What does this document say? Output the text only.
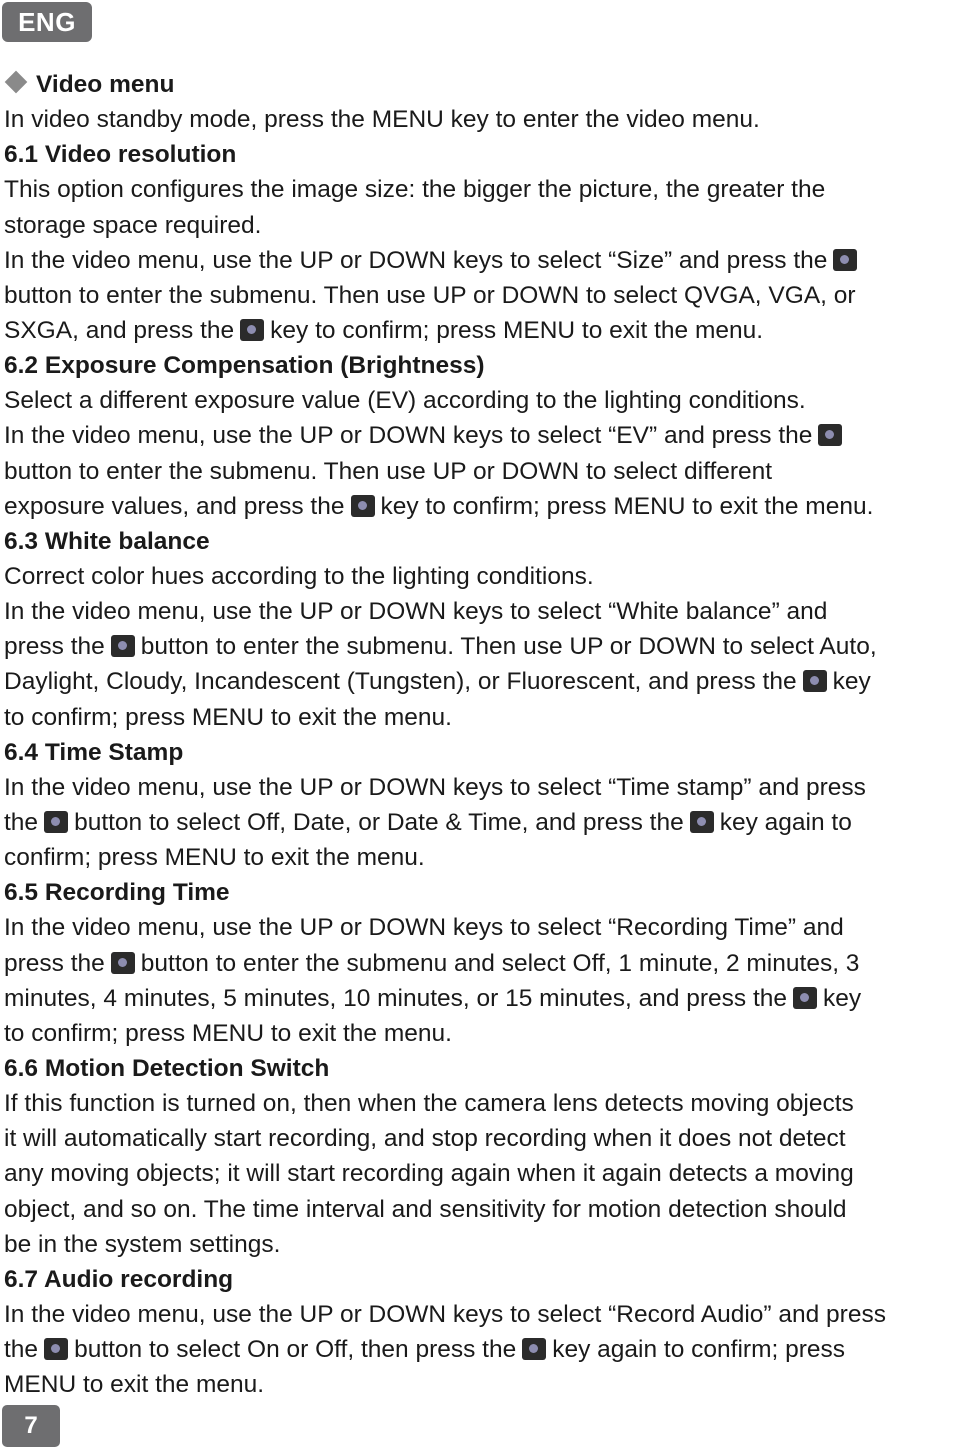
ENG
Video menu
In video standby mode, press the MENU key to enter the video menu.
6.1 Video resolution
This option configures the image size: the bigger the picture, the greater the
storage space required.
In the video menu, use the UP or DOWN keys to select “Size” and press the
button to enter the submenu. Then use UP or DOWN to select QVGA, VGA, or
SXGA, and press the key to confirm; press MENU to exit the menu.
6.2 Exposure Compensation (Brightness)
Select a different exposure value (EV) according to the lighting conditions.
In the video menu, use the UP or DOWN keys to select “EV” and press the
button to enter the submenu. Then use UP or DOWN to select different
exposure values, and press the key to confirm; press MENU to exit the menu.
6.3 White balance
Correct color hues according to the lighting conditions.
In the video menu, use the UP or DOWN keys to select “White balance” and
press the button to enter the submenu. Then use UP or DOWN to select Auto,
Daylight, Cloudy, Incandescent (Tungsten), or Fluorescent, and press the key
to confirm; press MENU to exit the menu.
6.4 Time Stamp
In the video menu, use the UP or DOWN keys to select “Time stamp” and press
the button to select Off, Date, or Date & Time, and press the key again to
confirm; press MENU to exit the menu.
6.5 Recording Time
In the video menu, use the UP or DOWN keys to select “Recording Time” and
press the button to enter the submenu and select Off, 1 minute, 2 minutes, 3
minutes, 4 minutes, 5 minutes, 10 minutes, or 15 minutes, and press the key
to confirm; press MENU to exit the menu.
6.6 Motion Detection Switch
If this function is turned on, then when the camera lens detects moving objects
it will automatically start recording, and stop recording when it does not detect
any moving objects; it will start recording again when it again detects a moving
object, and so on. The time interval and sensitivity for motion detection should
be in the system settings.
6.7 Audio recording
In the video menu, use the UP or DOWN keys to select “Record Audio” and press
the button to select On or Off, then press the key again to confirm; press
MENU to exit the menu.
7
